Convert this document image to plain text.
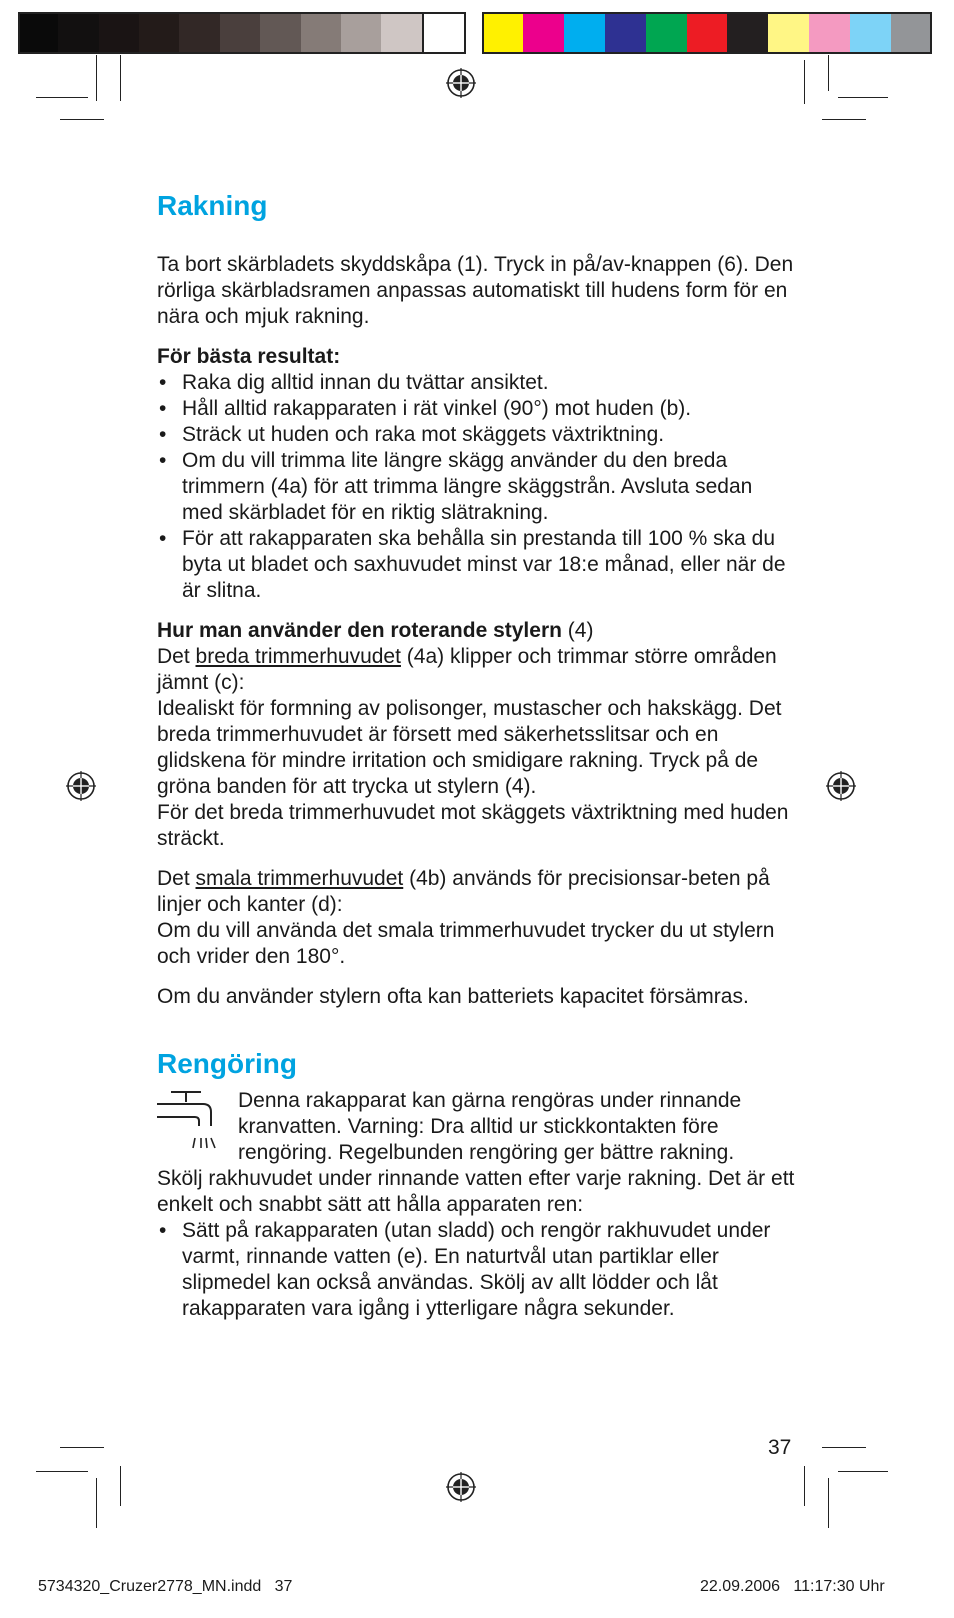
Rakning

Ta bort skärbladets skyddskåpa (1). Tryck in på/av-knappen (6). Den rörliga skärbladsramen anpassas automatiskt till hudens form för en nära och mjuk rakning.

För bästa resultat:

• Raka dig alltid innan du tvättar ansiktet.
• Håll alltid rakapparaten i rät vinkel (90°) mot huden (b).
• Sträck ut huden och raka mot skäggets växtriktning.
• Om du vill trimma lite längre skägg använder du den breda trimmern (4a) för att trimma längre skäggstrån. Avsluta sedan med skärbladet för en riktig slätrakning.
• För att rakapparaten ska behålla sin prestanda till 100 % ska du byta ut bladet och saxhuvudet minst var 18:e månad, eller när de är slitna.

Hur man använder den roterande stylern (4)

Det breda trimmerhuvudet (4a) klipper och trimmar större områden jämnt (c):

Idealiskt för formning av polisonger, mustascher och hakskägg. Det breda trimmerhuvudet är försett med säkerhetsslitsar och en glidskena för mindre irritation och smidigare rakning. Tryck på de gröna banden för att trycka ut stylern (4).

För det breda trimmerhuvudet mot skäggets växtriktning med huden sträckt.

Det smala trimmerhuvudet (4b) används för precisionsar-beten på linjer och kanter (d):

Om du vill använda det smala trimmerhuvudet trycker du ut stylern och vrider den 180°.

Om du använder stylern ofta kan batteriets kapacitet försämras.

Rengöring

Denna rakapparat kan gärna rengöras under rinnande kranvatten. Varning: Dra alltid ur stickkontakten före rengöring. Regelbunden rengöring ger bättre rakning.

Skölj rakhuvudet under rinnande vatten efter varje rakning. Det är ett enkelt och snabbt sätt att hålla apparaten ren:

• Sätt på rakapparaten (utan sladd) och rengör rakhuvudet under varmt, rinnande vatten (e). En naturtvål utan partiklar eller slipmedel kan också användas. Skölj av allt lödder och låt rakapparaten vara igång i ytterligare några sekunder.
37
5734320_Cruzer2778_MN.indd   37	22.09.2006   11:17:30 Uhr
